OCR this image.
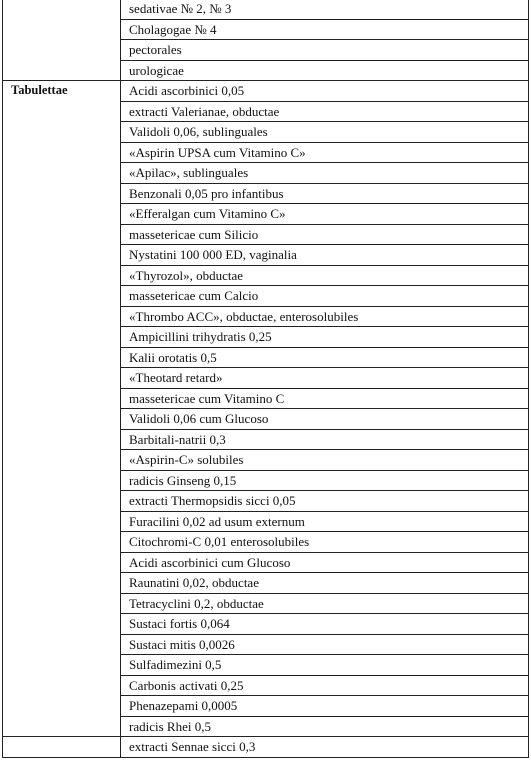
	sedativae № 2, № 3
	Cholagogae № 4
	pectorales
	urologicae
Tabulettae	Acidi ascorbinici 0,05
	extracti Valerianae, obductae
	Validoli 0,06, sublinguales
	«Aspirin UPSA cum Vitamino C»
	«Apilac», sublinguales
	Benzonali 0,05 pro infantibus
	«Efferalgan cum Vitamino C»
	massetericae cum Silicio
	Nystatini 100 000 ED, vaginalia
	«Thyrozol», obductae
	massetericae cum Calcio
	«Thrombo ACC», obductae, enterosolubiles
	Ampicillini trihydratis 0,25
	Kalii orotatis 0,5
	«Theotard retard»
	massetericae cum Vitamino C
	Validoli 0,06 cum Glucoso
	Barbitali-natrii 0,3
	«Aspirin-C» solubiles
	radicis Ginseng 0,15
	extracti Thermopsidis sicci 0,05
	Furacilini 0,02 ad usum externum
	Citochromi-C 0,01 enterosolubiles
	Acidi ascorbinici cum Glucoso
	Raunatini 0,02, obductae
	Tetracyclini 0,2, obductae
	Sustaci fortis 0,064
	Sustaci mitis 0,0026
	Sulfadimezini 0,5
	Carbonis activati 0,25
	Phenazepami 0,0005
	radicis Rhei 0,5
	extracti Sennae sicci 0,3
